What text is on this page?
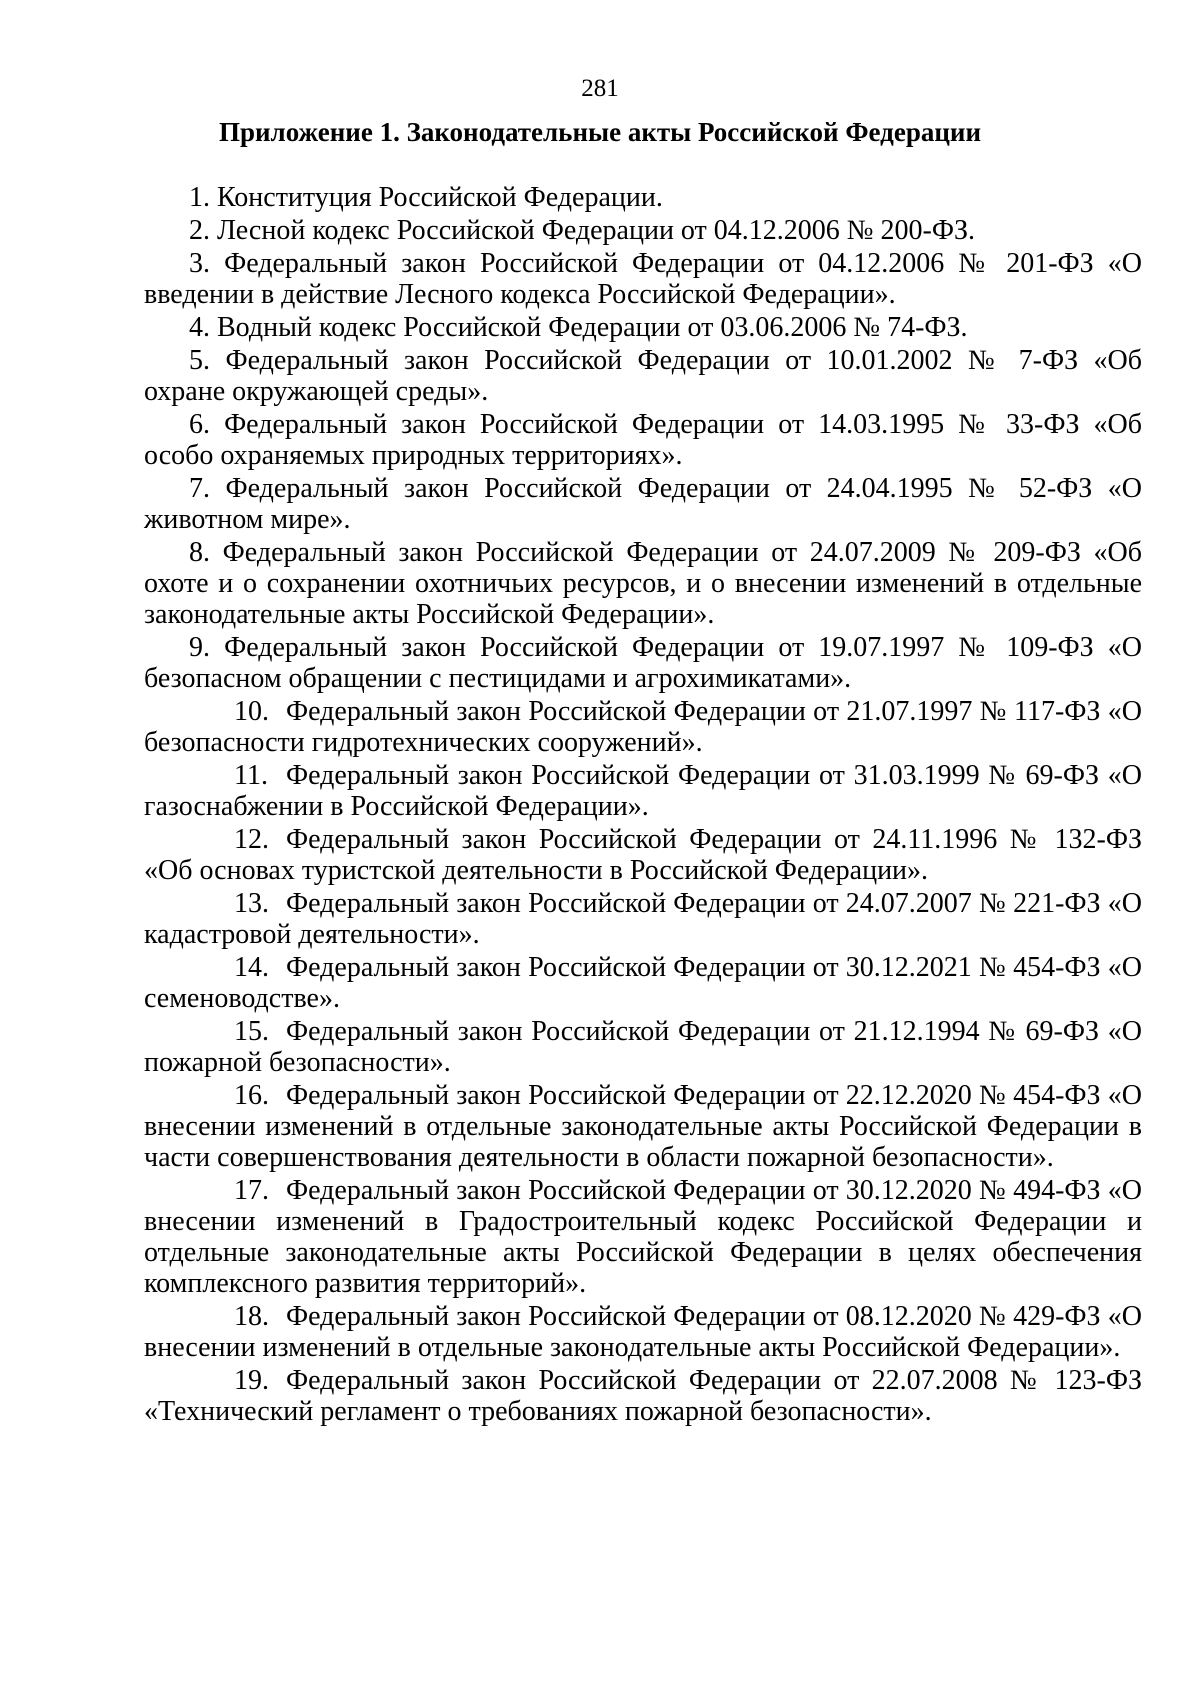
281
Приложение 1. Законодательные акты Российской Федерации
1. Конституция Российской Федерации.
2. Лесной кодекс Российской Федерации от 04.12.2006 № 200-ФЗ.
3. Федеральный закон Российской Федерации от 04.12.2006 № 201-ФЗ «О введении в действие Лесного кодекса Российской Федерации».
4. Водный кодекс Российской Федерации от 03.06.2006 № 74-ФЗ.
5. Федеральный закон Российской Федерации от 10.01.2002 № 7-ФЗ «Об охране окружающей среды».
6. Федеральный закон Российской Федерации от 14.03.1995 № 33-ФЗ «Об особо охраняемых природных территориях».
7. Федеральный закон Российской Федерации от 24.04.1995 № 52-ФЗ «О животном мире».
8. Федеральный закон Российской Федерации от 24.07.2009 № 209-ФЗ «Об охоте и о сохранении охотничьих ресурсов, и о внесении изменений в отдельные законодательные акты Российской Федерации».
9. Федеральный закон Российской Федерации от 19.07.1997 № 109-ФЗ «О безопасном обращении с пестицидами и агрохимикатами».
10. Федеральный закон Российской Федерации от 21.07.1997 № 117-ФЗ «О безопасности гидротехнических сооружений».
11. Федеральный закон Российской Федерации от 31.03.1999 № 69-ФЗ «О газоснабжении в Российской Федерации».
12. Федеральный закон Российской Федерации от 24.11.1996 № 132-ФЗ «Об основах туристской деятельности в Российской Федерации».
13. Федеральный закон Российской Федерации от 24.07.2007 № 221-ФЗ «О кадастровой деятельности».
14. Федеральный закон Российской Федерации от 30.12.2021 № 454-ФЗ «О семеноводстве».
15. Федеральный закон Российской Федерации от 21.12.1994 № 69-ФЗ «О пожарной безопасности».
16. Федеральный закон Российской Федерации от 22.12.2020 № 454-ФЗ «О внесении изменений в отдельные законодательные акты Российской Федерации в части совершенствования деятельности в области пожарной безопасности».
17. Федеральный закон Российской Федерации от 30.12.2020 № 494-ФЗ «О внесении изменений в Градостроительный кодекс Российской Федерации и отдельные законодательные акты Российской Федерации в целях обеспечения комплексного развития территорий».
18. Федеральный закон Российской Федерации от 08.12.2020 № 429-ФЗ «О внесении изменений в отдельные законодательные акты Российской Федерации».
19. Федеральный закон Российской Федерации от 22.07.2008 № 123-ФЗ «Технический регламент о требованиях пожарной безопасности».
